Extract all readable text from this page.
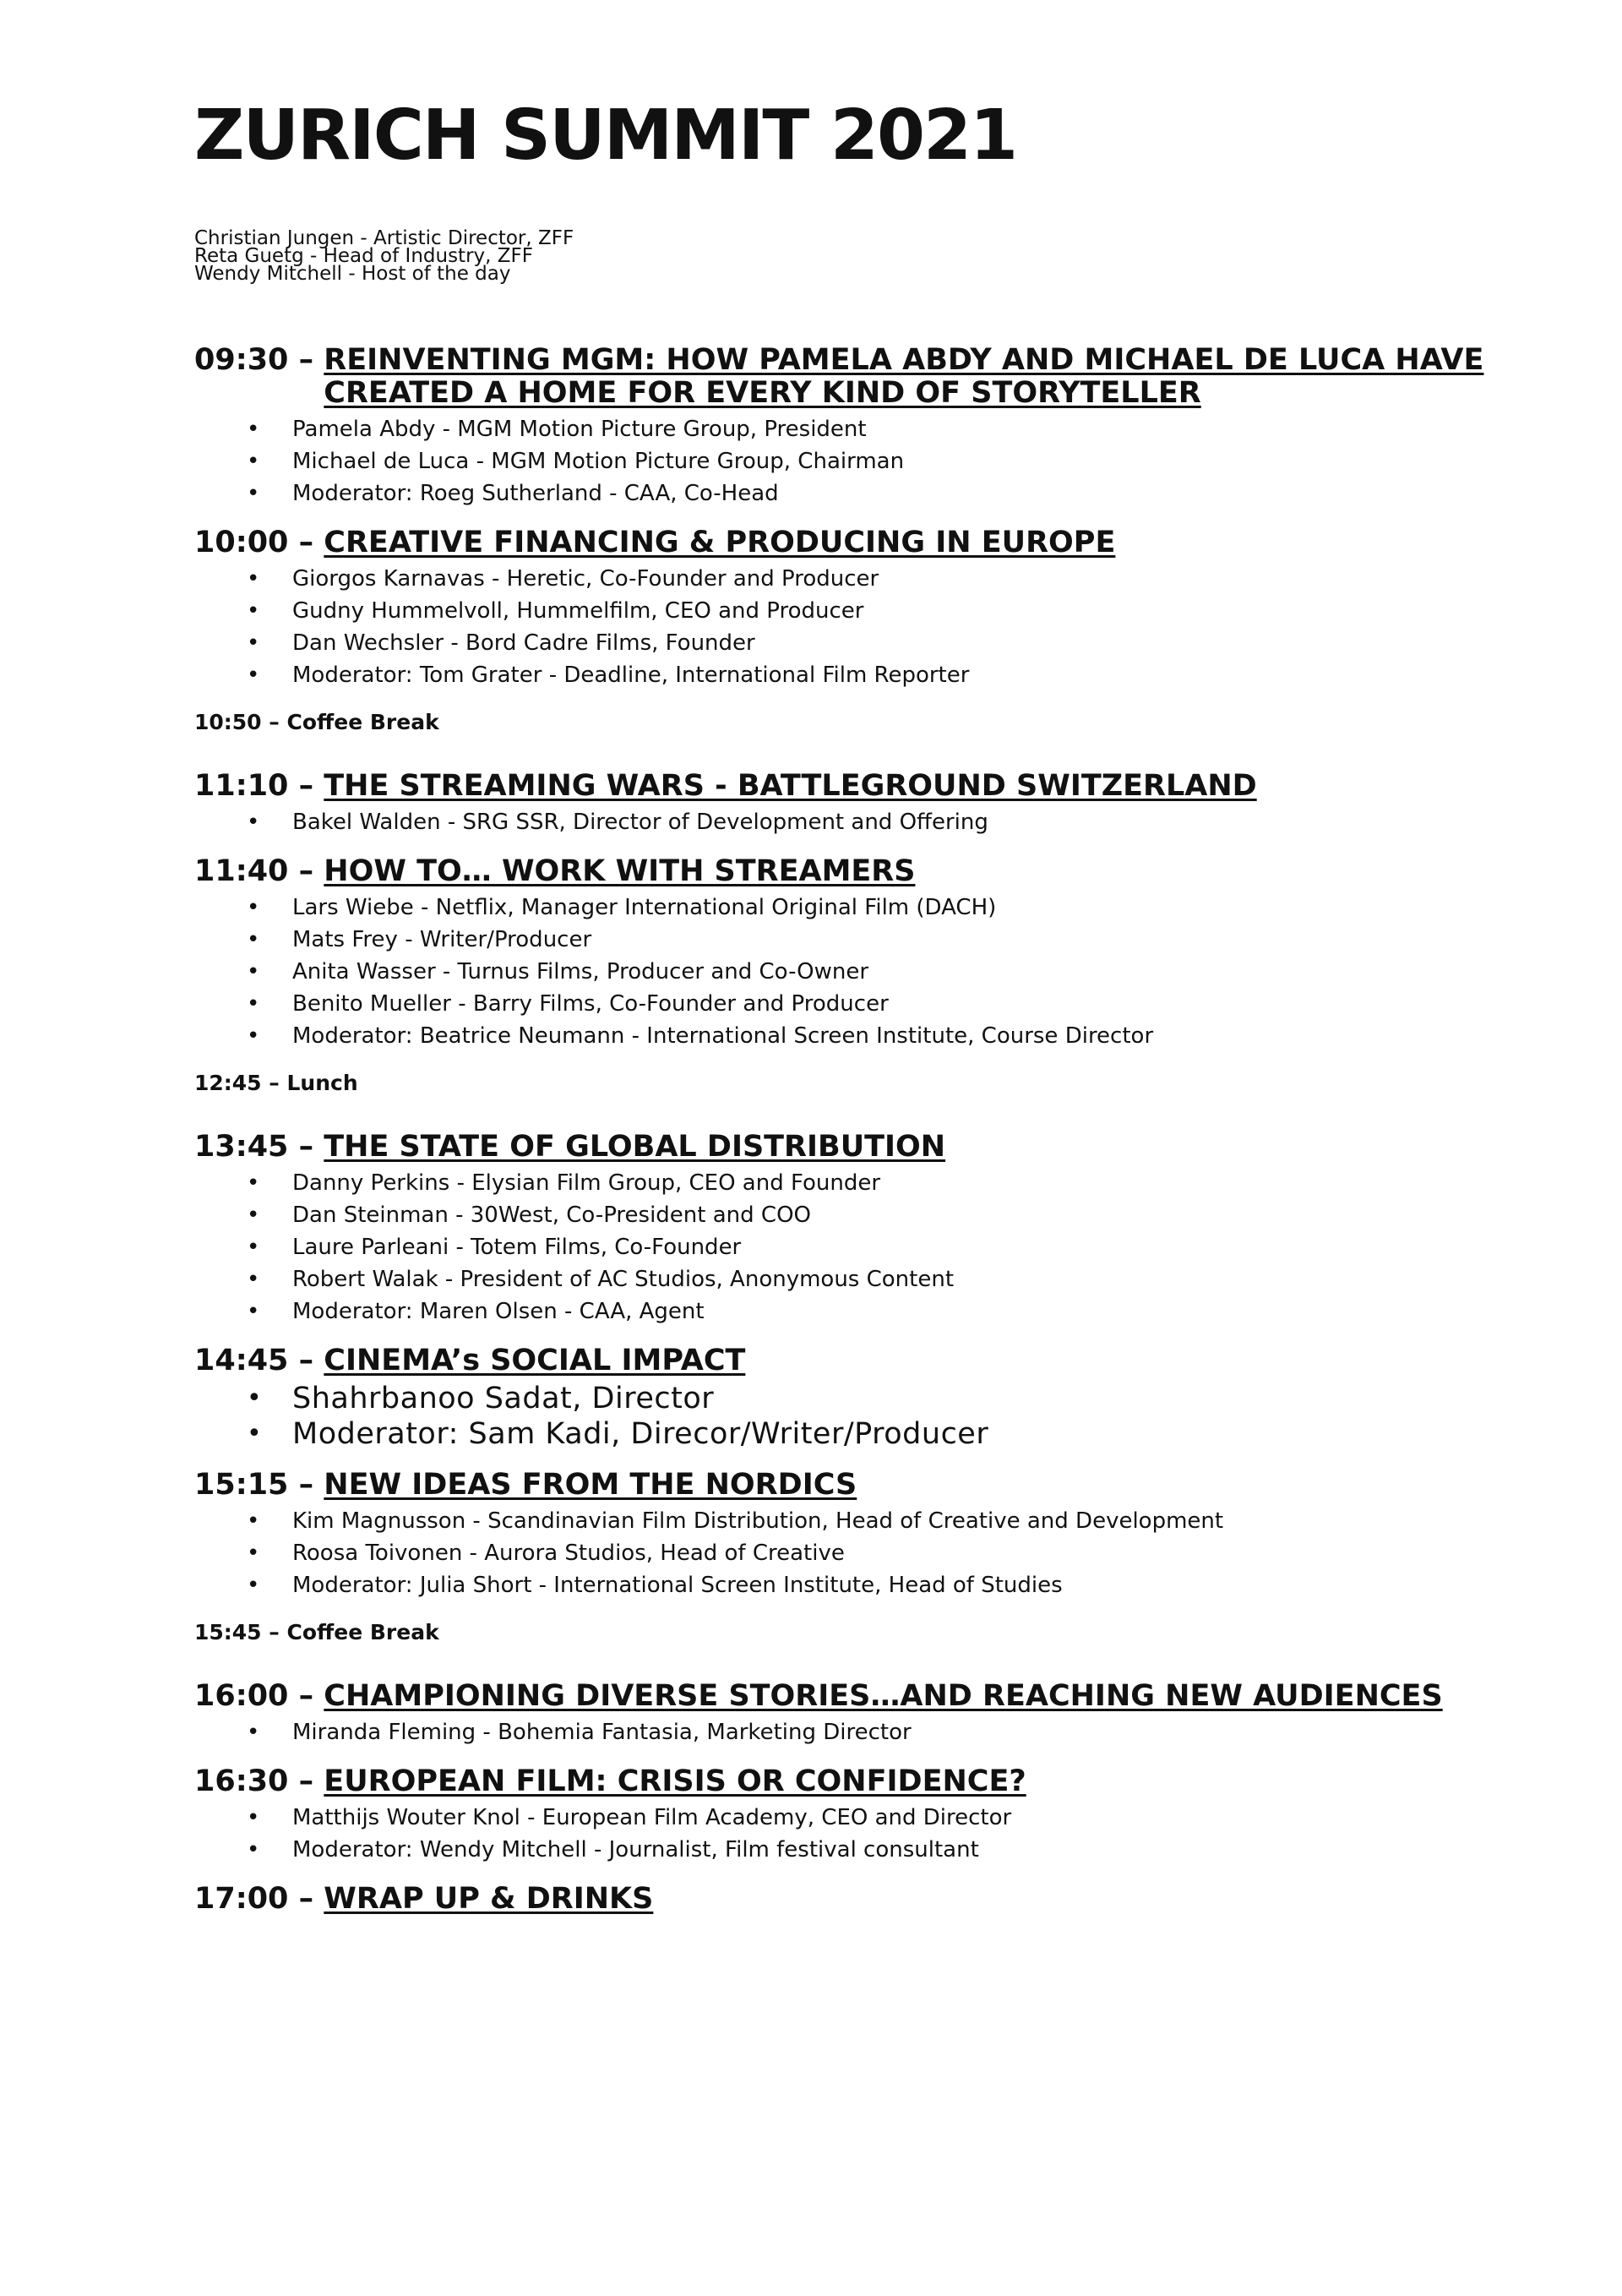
ZURICH SUMMIT 2021
Christian Jungen - Artistic Director, ZFF
Reta Guetg - Head of Industry, ZFF
Wendy Mitchell - Host of the day
09:30 – REINVENTING MGM: HOW PAMELA ABDY AND MICHAEL DE LUCA HAVE CREATED A HOME FOR EVERY KIND OF STORYTELLER
• Pamela Abdy - MGM Motion Picture Group, President
• Michael de Luca - MGM Motion Picture Group, Chairman
• Moderator: Roeg Sutherland - CAA, Co-Head
10:00 – CREATIVE FINANCING & PRODUCING IN EUROPE
• Giorgos Karnavas - Heretic, Co-Founder and Producer
• Gudny Hummelvoll, Hummelfilm, CEO and Producer
• Dan Wechsler - Bord Cadre Films, Founder
• Moderator: Tom Grater - Deadline, International Film Reporter
10:50 – Coffee Break
11:10 – THE STREAMING WARS - BATTLEGROUND SWITZERLAND
• Bakel Walden - SRG SSR, Director of Development and Offering
11:40 – HOW TO… WORK WITH STREAMERS
• Lars Wiebe - Netflix, Manager International Original Film (DACH)
• Mats Frey - Writer/Producer
• Anita Wasser - Turnus Films, Producer and Co-Owner
• Benito Mueller - Barry Films, Co-Founder and Producer
• Moderator: Beatrice Neumann - International Screen Institute, Course Director
12:45 – Lunch
13:45 – THE STATE OF GLOBAL DISTRIBUTION
• Danny Perkins - Elysian Film Group, CEO and Founder
• Dan Steinman - 30West, Co-President and COO
• Laure Parleani - Totem Films, Co-Founder
• Robert Walak - President of AC Studios, Anonymous Content
• Moderator: Maren Olsen - CAA, Agent
14:45 – CINEMA’s SOCIAL IMPACT
• Shahrbanoo Sadat, Director
• Moderator: Sam Kadi, Direcor/Writer/Producer
15:15 – NEW IDEAS FROM THE NORDICS
• Kim Magnusson - Scandinavian Film Distribution, Head of Creative and Development
• Roosa Toivonen - Aurora Studios, Head of Creative
• Moderator: Julia Short - International Screen Institute, Head of Studies
15:45 – Coffee Break
16:00 – CHAMPIONING DIVERSE STORIES…AND REACHING NEW AUDIENCES
• Miranda Fleming - Bohemia Fantasia, Marketing Director
16:30 – EUROPEAN FILM: CRISIS OR CONFIDENCE?
• Matthijs Wouter Knol - European Film Academy, CEO and Director
• Moderator: Wendy Mitchell - Journalist, Film festival consultant
17:00 – WRAP UP & DRINKS
